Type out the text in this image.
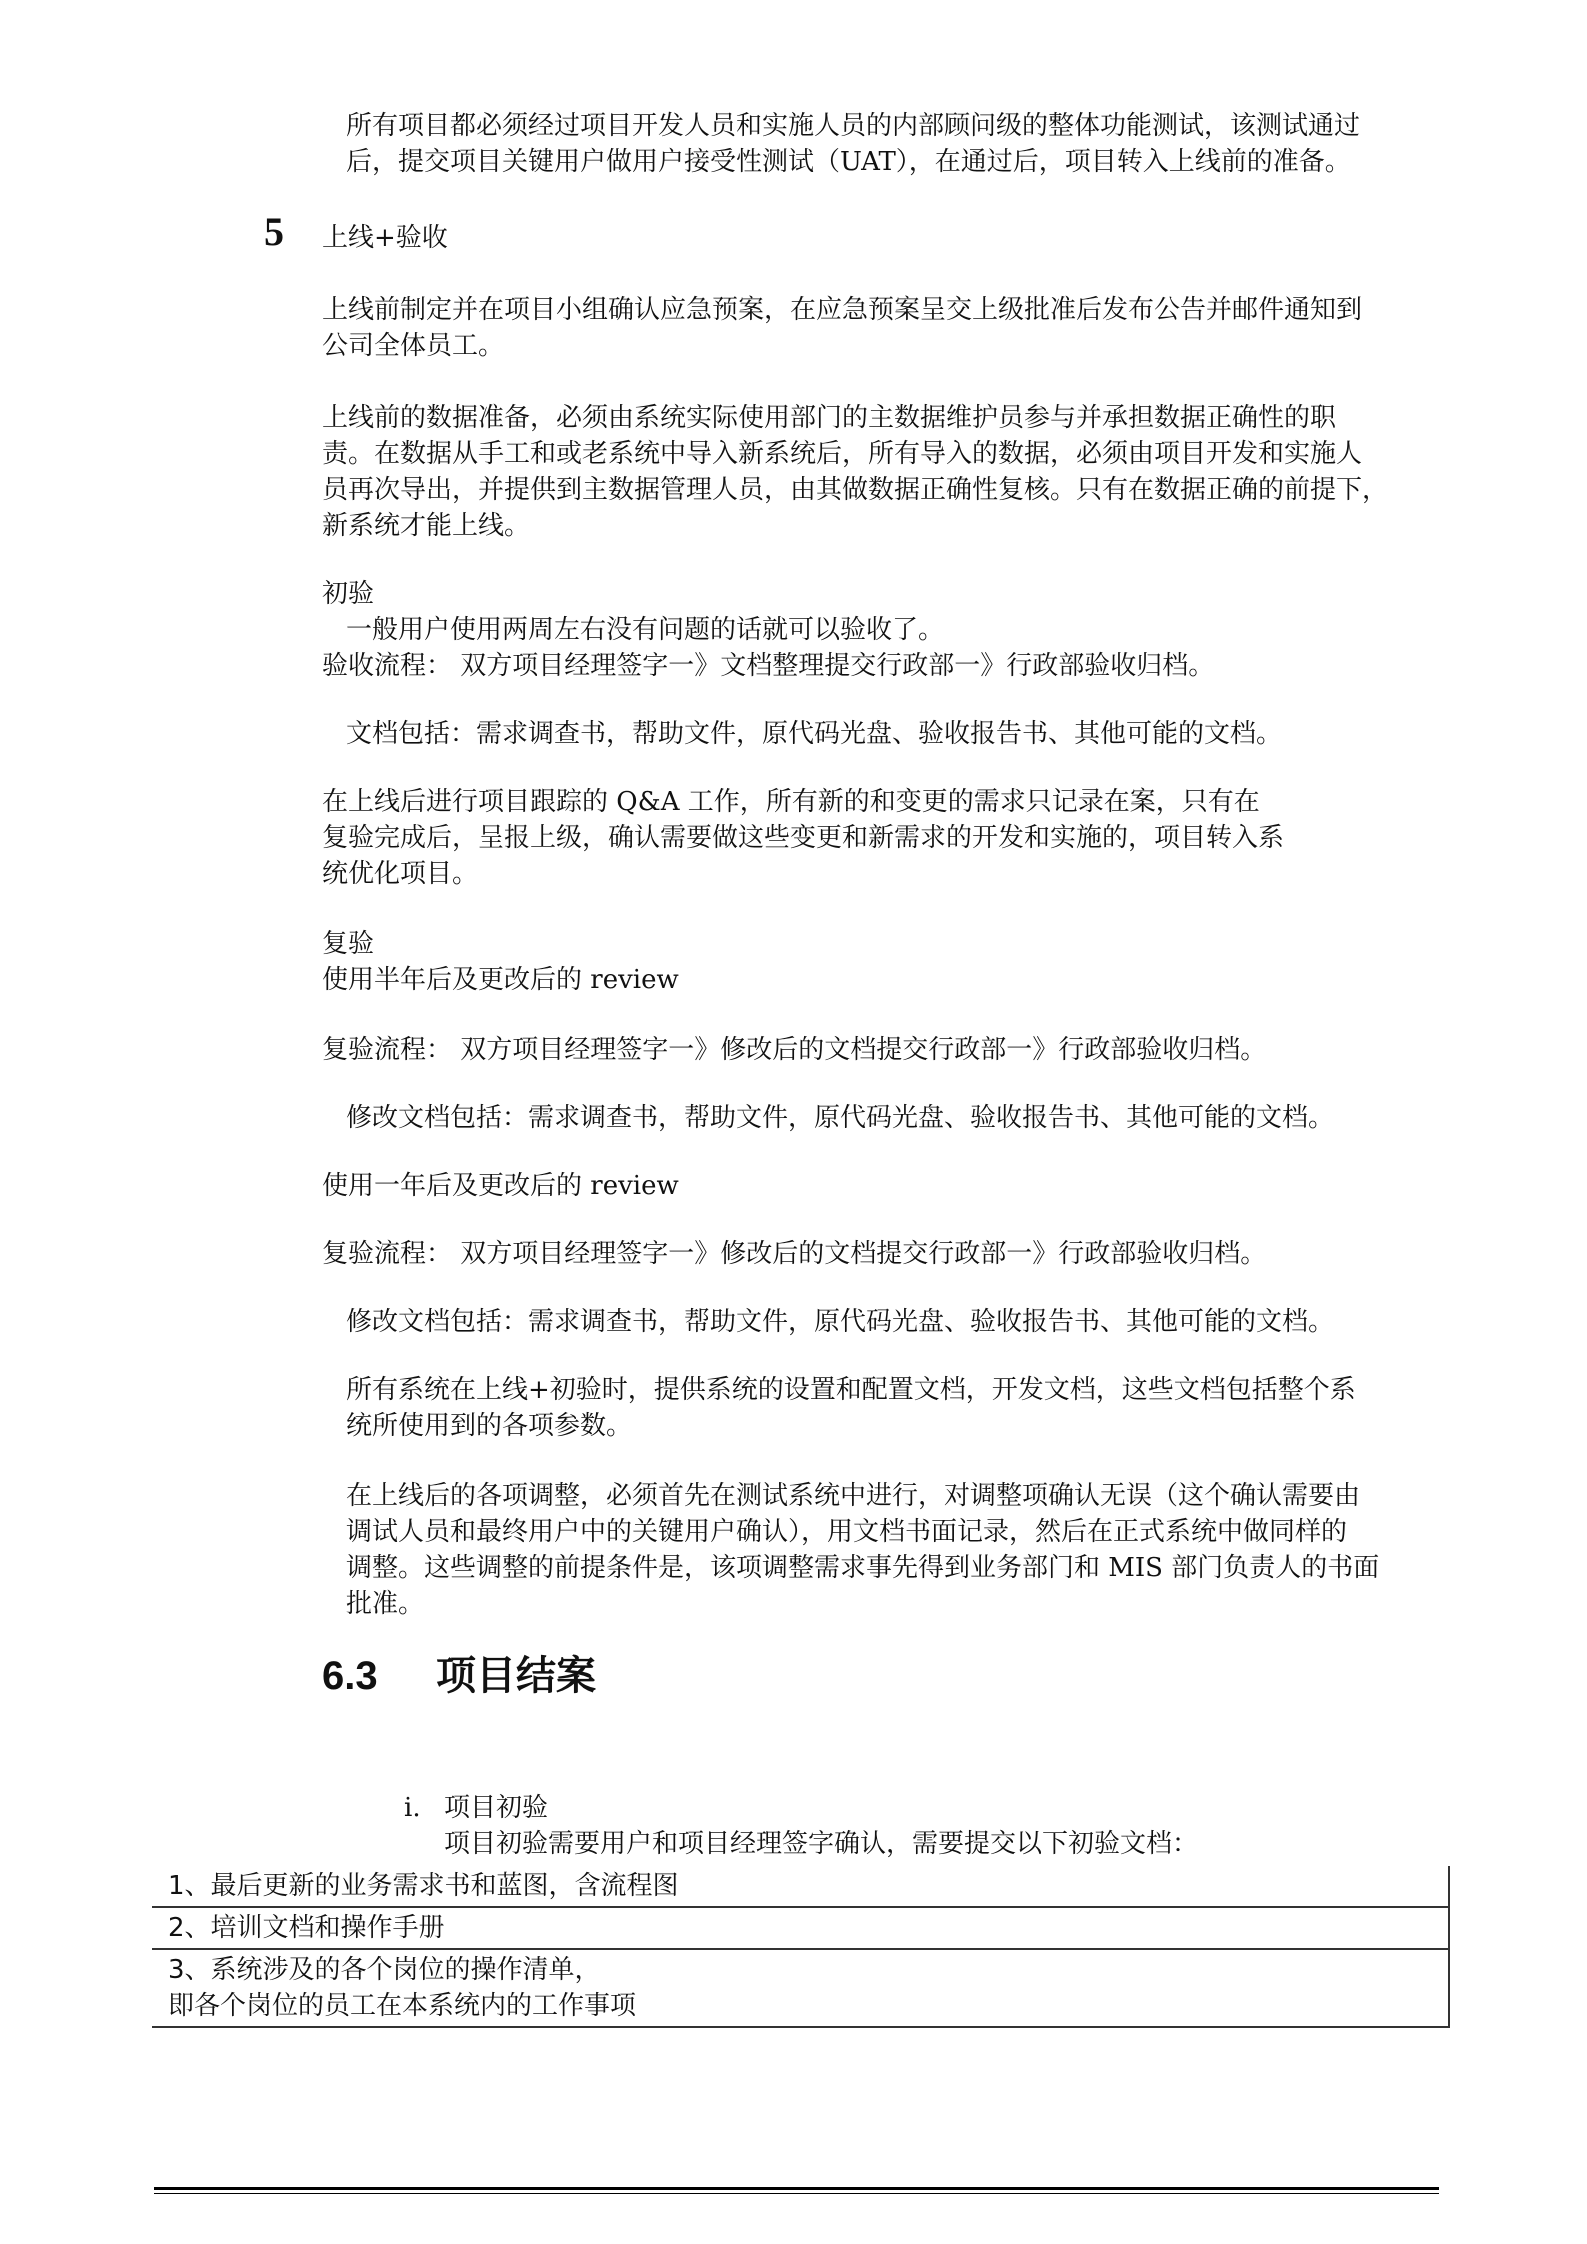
所有项目都必须经过项目开发人员和实施人员的内部顾问级的整体功能测试，该测试通过
后，提交项目关键用户做用户接受性测试（UAT），在通过后，项目转入上线前的准备。
5 上线+验收
上线前制定并在项目小组确认应急预案，在应急预案呈交上级批准后发布公告并邮件通知到
公司全体员工。
上线前的数据准备，必须由系统实际使用部门的主数据维护员参与并承担数据正确性的职
责。在数据从手工和或老系统中导入新系统后，所有导入的数据，必须由项目开发和实施人
员再次导出，并提供到主数据管理人员，由其做数据正确性复核。只有在数据正确的前提下，
新系统才能上线。
初验
一般用户使用两周左右没有问题的话就可以验收了。
验收流程： 双方项目经理签字一》文档整理提交行政部一》行政部验收归档。
文档包括：需求调查书，帮助文件，原代码光盘、验收报告书、其他可能的文档。
在上线后进行项目跟踪的 Q&A 工作，所有新的和变更的需求只记录在案，只有在
复验完成后，呈报上级，确认需要做这些变更和新需求的开发和实施的，项目转入系
统优化项目。
复验
使用半年后及更改后的 review
复验流程： 双方项目经理签字一》修改后的文档提交行政部一》行政部验收归档。
修改文档包括：需求调查书，帮助文件，原代码光盘、验收报告书、其他可能的文档。
使用一年后及更改后的 review
复验流程： 双方项目经理签字一》修改后的文档提交行政部一》行政部验收归档。
修改文档包括：需求调查书，帮助文件，原代码光盘、验收报告书、其他可能的文档。
所有系统在上线+初验时，提供系统的设置和配置文档，开发文档，这些文档包括整个系
统所使用到的各项参数。
在上线后的各项调整，必须首先在测试系统中进行，对调整项确认无误（这个确认需要由
调试人员和最终用户中的关键用户确认），用文档书面记录，然后在正式系统中做同样的
调整。这些调整的前提条件是，该项调整需求事先得到业务部门和 MIS 部门负责人的书面
批准。
6.3 项目结案
i. 项目初验
项目初验需要用户和项目经理签字确认，需要提交以下初验文档：
1、最后更新的业务需求书和蓝图，含流程图
2、培训文档和操作手册

3、系统涉及的各个岗位的操作清单，
即各个岗位的员工在本系统内的工作事项
